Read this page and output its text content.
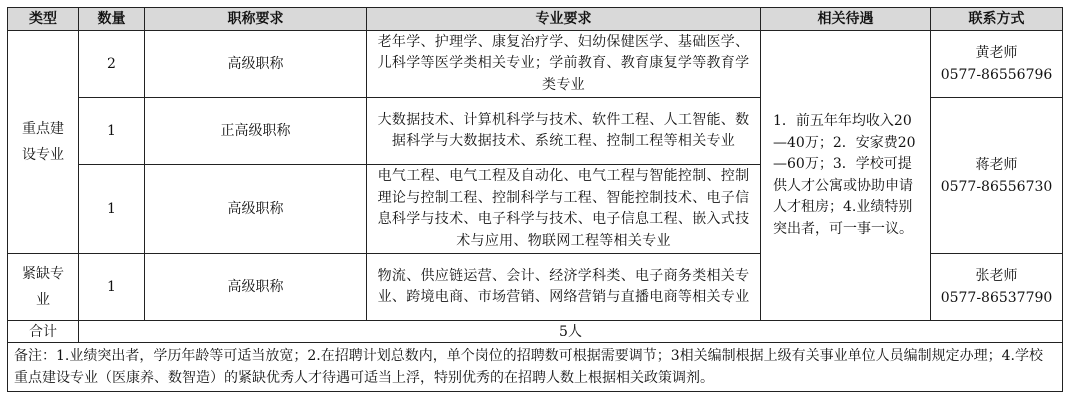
类型	数量	职称要求	专业要求	相关待遇	联系方式
重点建设专业	2	高级职称	老年学、护理学、康复治疗学、妇幼保健医学、基础医学、儿科学等医学类相关专业；学前教育、教育康复学等教育学类专业	1．前五年年均收入20—40万；2．安家费20—60万；3．学校可提供人才公寓或协助申请人才租房；4.业绩特别突出者，可一事一议。	黄老师
0577-86556796

	1	正高级职称	大数据技术、计算机科学与技术、软件工程、人工智能、数据科学与大数据技术、系统工程、控制工程等相关专业		蒋老师
0577-86556730

	1	高级职称	电气工程、电气工程及自动化、电气工程与智能控制、控制理论与控制工程、控制科学与工程、智能控制技术、电子信息科学与技术、电子科学与技术、电子信息工程、嵌入式技术与应用、物联网工程等相关专业		
紧缺专业	1	高级职称	物流、供应链运营、会计、经济学科类、电子商务类相关专业、跨境电商、市场营销、网络营销与直播电商等相关专业		张老师
0577-86537790

合计	5人				
备注：1.业绩突出者，学历年龄等可适当放宽；2.在招聘计划总数内，单个岗位的招聘数可根据需要调节；3相关编制根据上级有关事业单位人员编制规定办理；4.学校重点建设专业（医康养、数智造）的紧缺优秀人才待遇可适当上浮，特别优秀的在招聘人数上根据相关政策调剂。					
